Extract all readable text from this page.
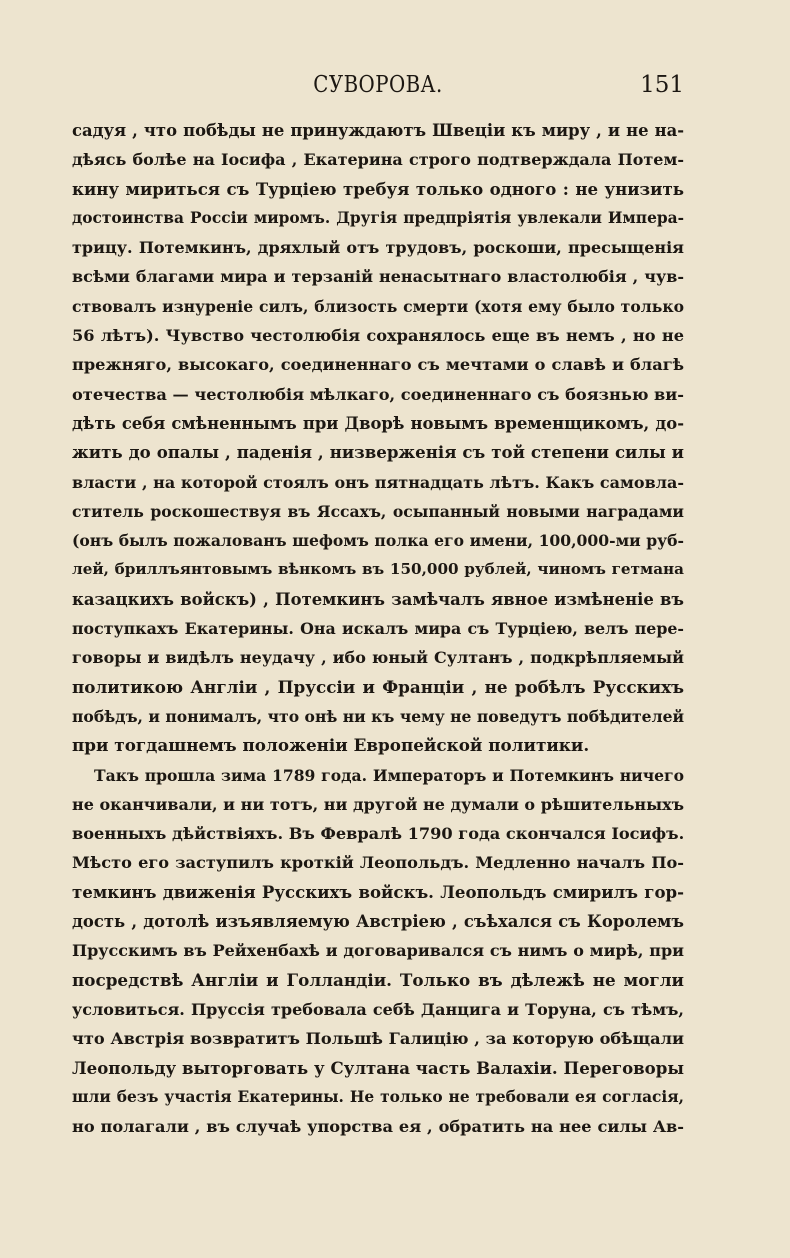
СУВОРОВА.	151
садуя , что побѣды не принуждаютъ Швеціи къ миру , и не на-
дѣясь болѣе на Іосифа , Екатерина строго подтверждала Потем-
кину мириться съ Турціею требуя только одного : не унизить
достоинства Россіи миромъ. Другія предпріятія увлекали Импера-
трицу. Потемкинъ, дряхлый отъ трудовъ, роскоши, пресыщенія
всѣми благами мира и терзаній ненасытнаго властолюбія , чув-
ствовалъ изнуреніе силъ, близость смерти (хотя ему было только
56 лѣтъ). Чувство честолюбія сохранялось еще въ немъ , но не
прежняго, высокаго, соединеннаго съ мечтами о славѣ и благѣ
отечества — честолюбія мѣлкаго, соединеннаго съ боязнью ви-
дѣть себя смѣненнымъ при Дворѣ новымъ временщикомъ, до-
жить до опалы , паденія , низверженія съ той степени силы и
власти , на которой стоялъ онъ пятнадцать лѣтъ. Какъ самовла-
ститель роскошествуя въ Яссахъ, осыпанный новыми наградами
(онъ былъ пожалованъ шефомъ полка его имени, 100,000-ми руб-
лей, бриллъянтовымъ вѣнкомъ въ 150,000 рублей, чиномъ гетмана
казацкихъ войскъ) , Потемкинъ замѣчалъ явное измѣненіе въ
поступкахъ Екатерины. Она искалъ мира съ Турціею, велъ пере-
говоры и видѣлъ неудачу , ибо юный Султанъ , подкрѣпляемый
политикою Англіи , Пруссіи и Франціи , не робѣлъ Русскихъ
побѣдъ, и понималъ, что онѣ ни къ чему не поведутъ побѣдителей
при тогдашнемъ положеніи Европейской политики.
Такъ прошла зима 1789 года. Императоръ и Потемкинъ ничего
не оканчивали, и ни тотъ, ни другой не думали о рѣшительныхъ
военныхъ дѣйствіяхъ. Въ Февралѣ 1790 года скончался Іосифъ.
Мѣсто его заступилъ кроткій Леопольдъ. Медленно началъ По-
темкинъ движенія Русскихъ войскъ. Леопольдъ смирилъ гор-
дость , дотолѣ изъявляемую Австріею , съѣхался съ Королемъ
Прусскимъ въ Рейхенбахѣ и договаривался съ нимъ о мирѣ, при
посредствѣ Англіи и Голландіи. Только въ дѣлежѣ не могли
условиться. Пруссія требовала себѣ Данцига и Торуна, съ тѣмъ,
что Австрія возвратитъ Польшѣ Галицію , за которую обѣщали
Леопольду выторговать у Султана часть Валахіи. Переговоры
шли безъ участія Екатерины. Не только не требовали ея согласія,
но полагали , въ случаѣ упорства ея , обратить на нее силы Ав-
